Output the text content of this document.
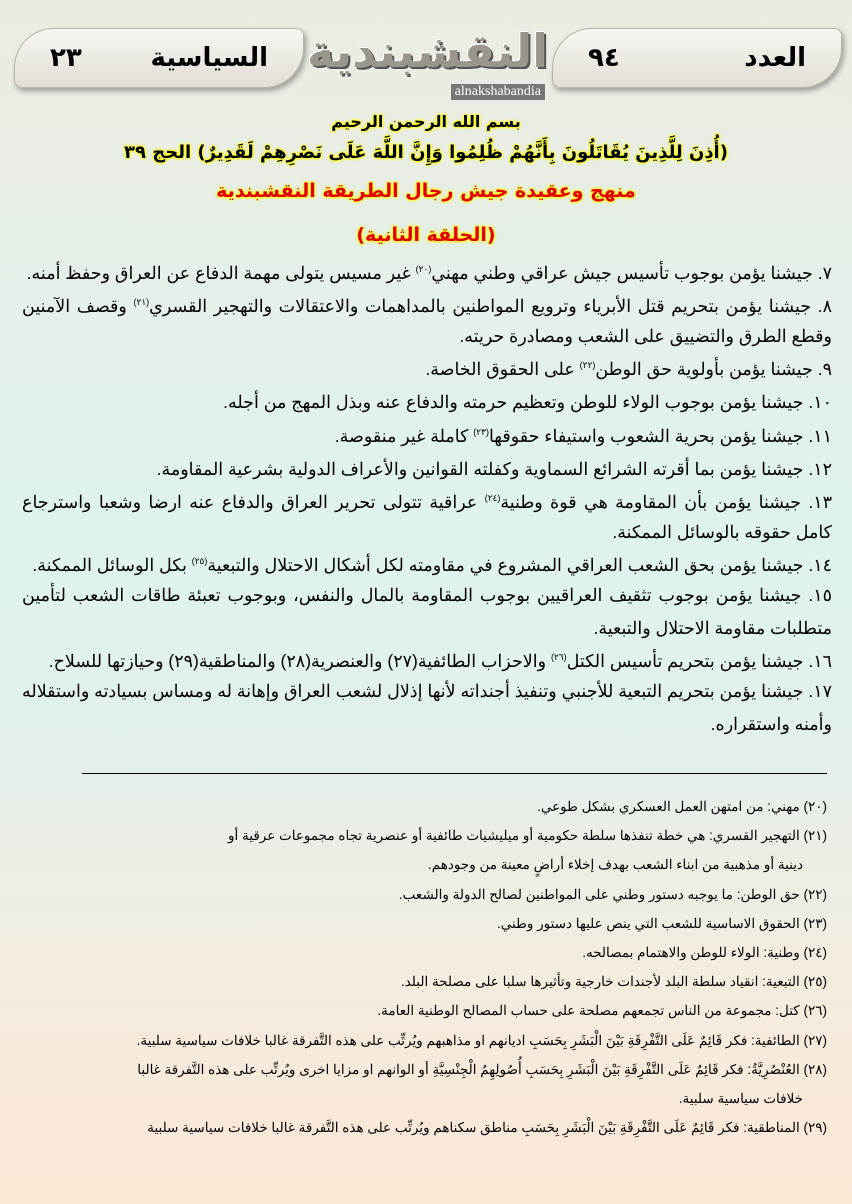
السياسية
٢٣	النقشبندية
alnakshabandia
العدد
٩٤
بسم الله الرحمن الرحيم
(أُذِنَ لِلَّذِينَ يُقَاتَلُونَ بِأَنَّهُمْ ظُلِمُوا وَإِنَّ اللَّهَ عَلَى نَصْرِهِمْ لَقَدِيرٌ) الحج ٣٩
منهج وعقيدة جيش رجال الطريقة النقشبندية
(الحلقة الثانية)

٧. جيشنا يؤمن بوجوب تأسيس جيش عراقي وطني مهني$^{(٢٠)}$ غير مسيس يتولى مهمة الدفاع عن العراق وحفظ أمنه.

٨. جيشنا يؤمن بتحريم قتل الأبرياء وترويع المواطنين بالمداهمات والاعتقالات والتهجير القسري$^{(٢١)}$ وقصف الآمنين وقطع الطرق والتضييق على الشعب ومصادرة حريته.

٩. جيشنا يؤمن بأولوية حق الوطن$^{(٢٢)}$ على الحقوق الخاصة.

١٠. جيشنا يؤمن بوجوب الولاء للوطن وتعظيم حرمته والدفاع عنه وبذل المهج من أجله.

١١. جيشنا يؤمن بحرية الشعوب واستيفاء حقوقها$^{(٢٣)}$ كاملة غير منقوصة.

١٢. جيشنا يؤمن بما أقرته الشرائع السماوية وكفلته القوانين والأعراف الدولية بشرعية المقاومة.

١٣. جيشنا يؤمن بأن المقاومة هي قوة وطنية$^{(٢٤)}$ عراقية تتولى تحرير العراق والدفاع عنه ارضا وشعبا واسترجاع كامل حقوقه بالوسائل الممكنة.

١٤. جيشنا يؤمن بحق الشعب العراقي المشروع في مقاومته لكل أشكال الاحتلال والتبعية$^{(٢٥)}$ بكل الوسائل الممكنة.

١٥. جيشنا يؤمن بوجوب تثقيف العراقيين بوجوب المقاومة بالمال والنفس، وبوجوب تعبئة طاقات الشعب لتأمين متطلبات مقاومة الاحتلال والتبعية.

١٦. جيشنا يؤمن بتحريم تأسيس الكتل$^{(٢٦)}$ والاحزاب الطائفية(٢٧) والعنصرية(٢٨) والمناطقية(٢٩) وحيازتها للسلاح.

١٧. جيشنا يؤمن بتحريم التبعية للأجنبي وتنفيذ أجنداته لأنها إذلال لشعب العراق وإهانة له ومساس بسيادته واستقلاله وأمنه واستقراره.

(٢٠) مهني: من امتهن العمل العسكري بشكل طوعي.

(٢١) التهجير القسري: هي خطة تنفذها سلطة حكومية أو ميليشيات طائفية أو عنصرية تجاه مجموعات عرقية أو

دينية أو مذهبية من ابناء الشعب بهدف إخلاء أراضٍ معينة من وجودهم.

(٢٢) حق الوطن: ما يوجبه دستور وطني على المواطنين لصالح الدولة والشعب.

(٢٣) الحقوق الاساسية للشعب التي ينص عليها دستور وطني.

(٢٤) وطنية: الولاء للوطن والاهتمام بمصالحه.

(٢٥) التبعية: انقياد سلطة البلد لأجندات خارجية وتأثيرها سلبا على مصلحة البلد.

(٢٦) كتل: مجموعة من الناس تجمعهم مصلحة على حساب المصالح الوطنية العامة.

(٢٧) الطائفية: فكر قَائِمٌ عَلَى التَّفْرِقَةِ بَيْنَ الْبَشَرِ بِحَسَبِ اديانهم او مذاهبهم ويُرتِّب على هذه التَّفرقة غالبا خلافات سياسية سلبية.

(٢٨) العُنْصُرِيَّةُ: فكر قَائِمٌ عَلَى التَّفْرِقَةِ بَيْنَ الْبَشَرِ بِحَسَبِ أُصُولِهِمُ الْجِنْسِيَّةِ أو الوانهم او مزايا اخرى ويُرتِّب على هذه التَّفرقة غالبا

خلافات سياسية سلبية.

(٢٩) المناطقية: فكر قَائِمٌ عَلَى التَّفْرِقَةِ بَيْنَ الْبَشَرِ بِحَسَبِ مناطق سكناهم ويُرتِّب على هذه التَّفرقة غالبا خلافات سياسية سلبية
